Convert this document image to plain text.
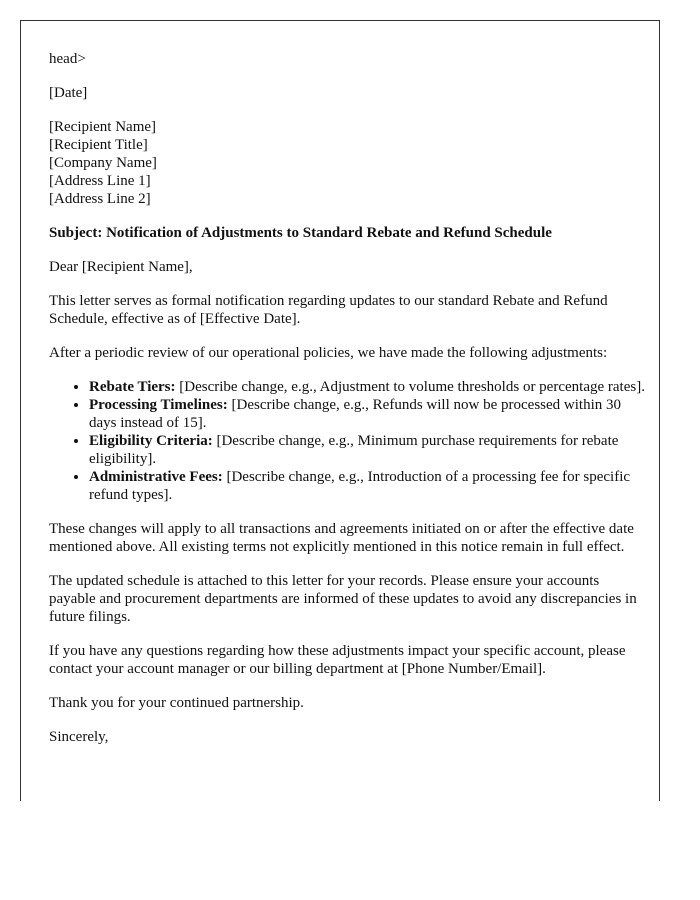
head>

[Date]

[Recipient Name]

[Recipient Title]

[Company Name]

[Address Line 1]

[Address Line 2]

Subject: Notification of Adjustments to Standard Rebate and Refund Schedule

Dear [Recipient Name],

This letter serves as formal notification regarding updates to our standard Rebate and Refund Schedule, effective as of [Effective Date].

After a periodic review of our operational policies, we have made the following adjustments:

• Rebate Tiers: [Describe change, e.g., Adjustment to volume thresholds or percentage rates].
• Processing Timelines: [Describe change, e.g., Refunds will now be processed within 30 days instead of 15].
• Eligibility Criteria: [Describe change, e.g., Minimum purchase requirements for rebate eligibility].
• Administrative Fees: [Describe change, e.g., Introduction of a processing fee for specific refund types].

These changes will apply to all transactions and agreements initiated on or after the effective date mentioned above. All existing terms not explicitly mentioned in this notice remain in full effect.

The updated schedule is attached to this letter for your records. Please ensure your accounts payable and procurement departments are informed of these updates to avoid any discrepancies in future filings.

If you have any questions regarding how these adjustments impact your specific account, please contact your account manager or our billing department at [Phone Number/Email].

Thank you for your continued partnership.

Sincerely,
